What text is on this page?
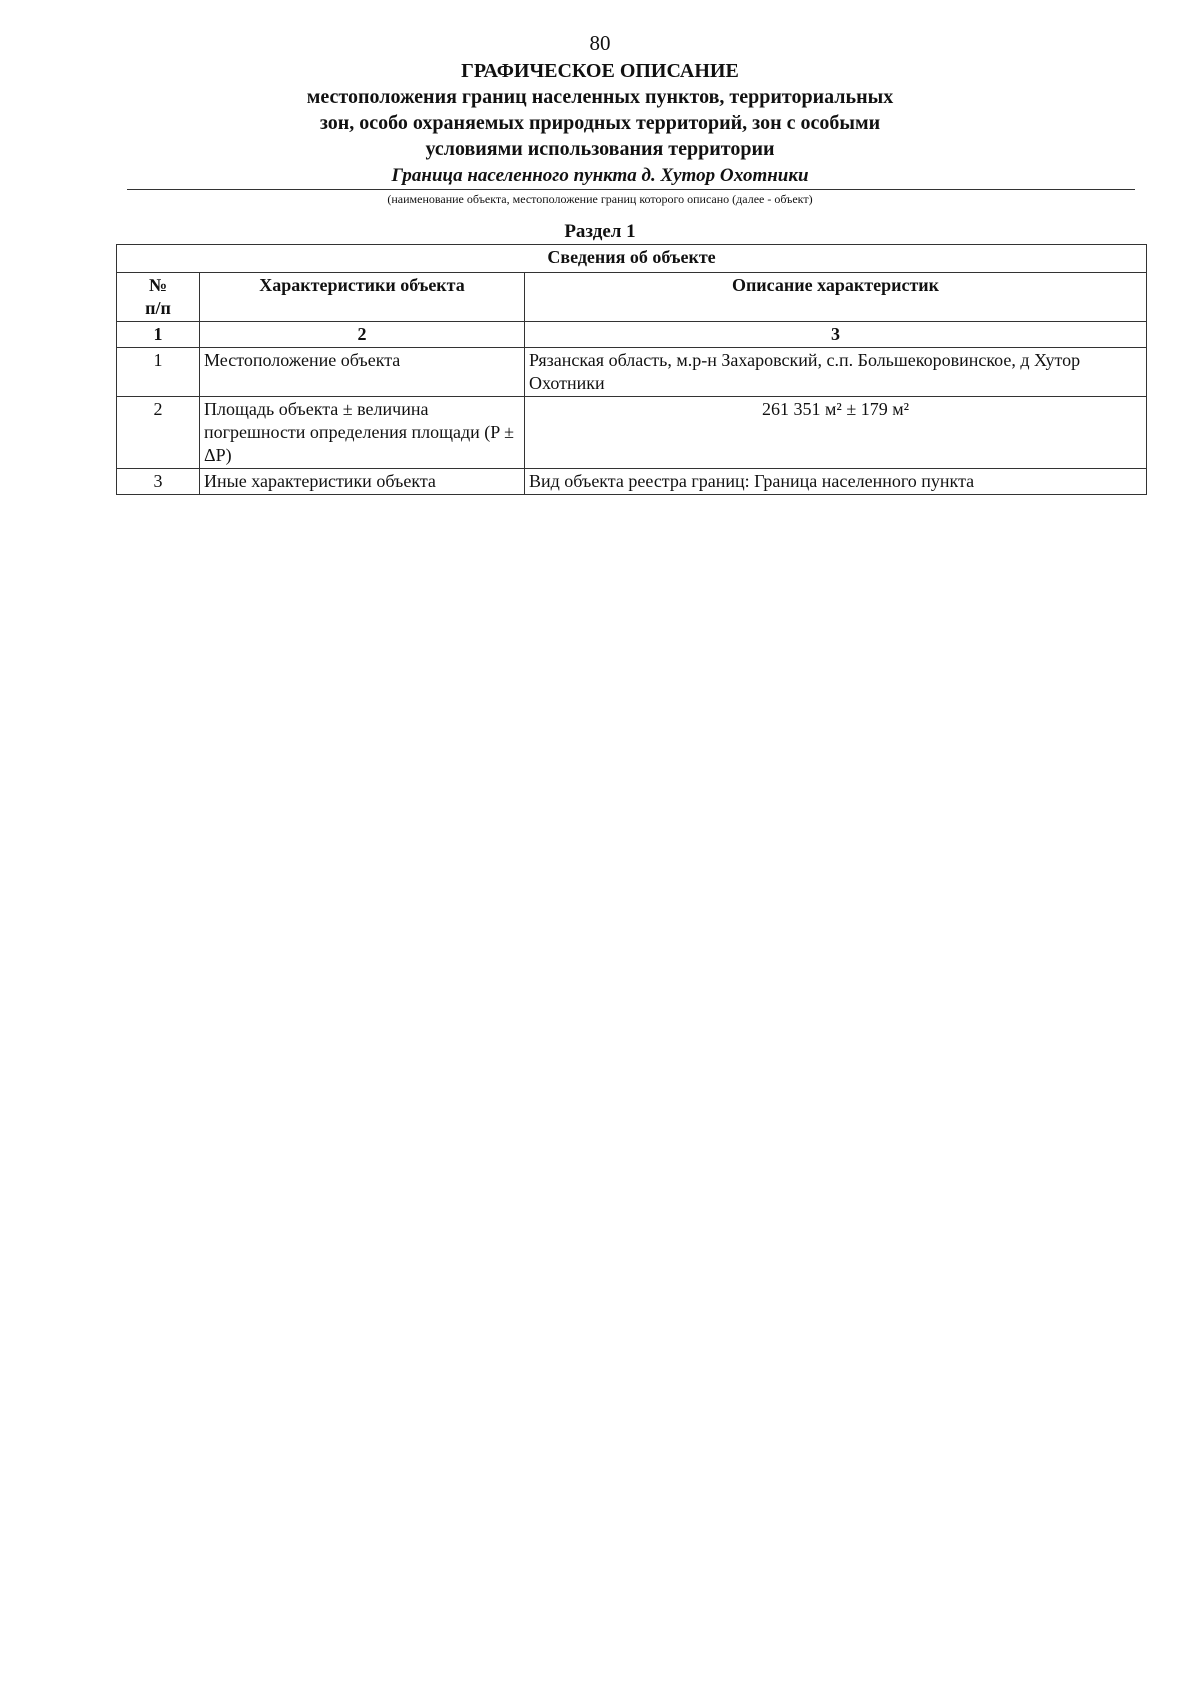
80
ГРАФИЧЕСКОЕ ОПИСАНИЕ
местоположения границ населенных пунктов, территориальных
зон, особо охраняемых природных территорий, зон с особыми
условиями использования территории
Граница населенного пункта д. Хутор Охотники
(наименование объекта, местоположение границ которого описано (далее - объект)
Раздел 1
Сведения об объекте		
№
п/п	Характеристики объекта	Описание характеристик
1	2	3
1	Местоположение объекта	Рязанская область, м.р-н Захаровский, с.п. Большекоровинское, д Хутор Охотники
2	Площадь объекта ± величина погрешности определения площади (P ± ΔP)	261 351 м² ± 179 м²
3	Иные характеристики объекта	Вид объекта реестра границ: Граница населенного пункта
